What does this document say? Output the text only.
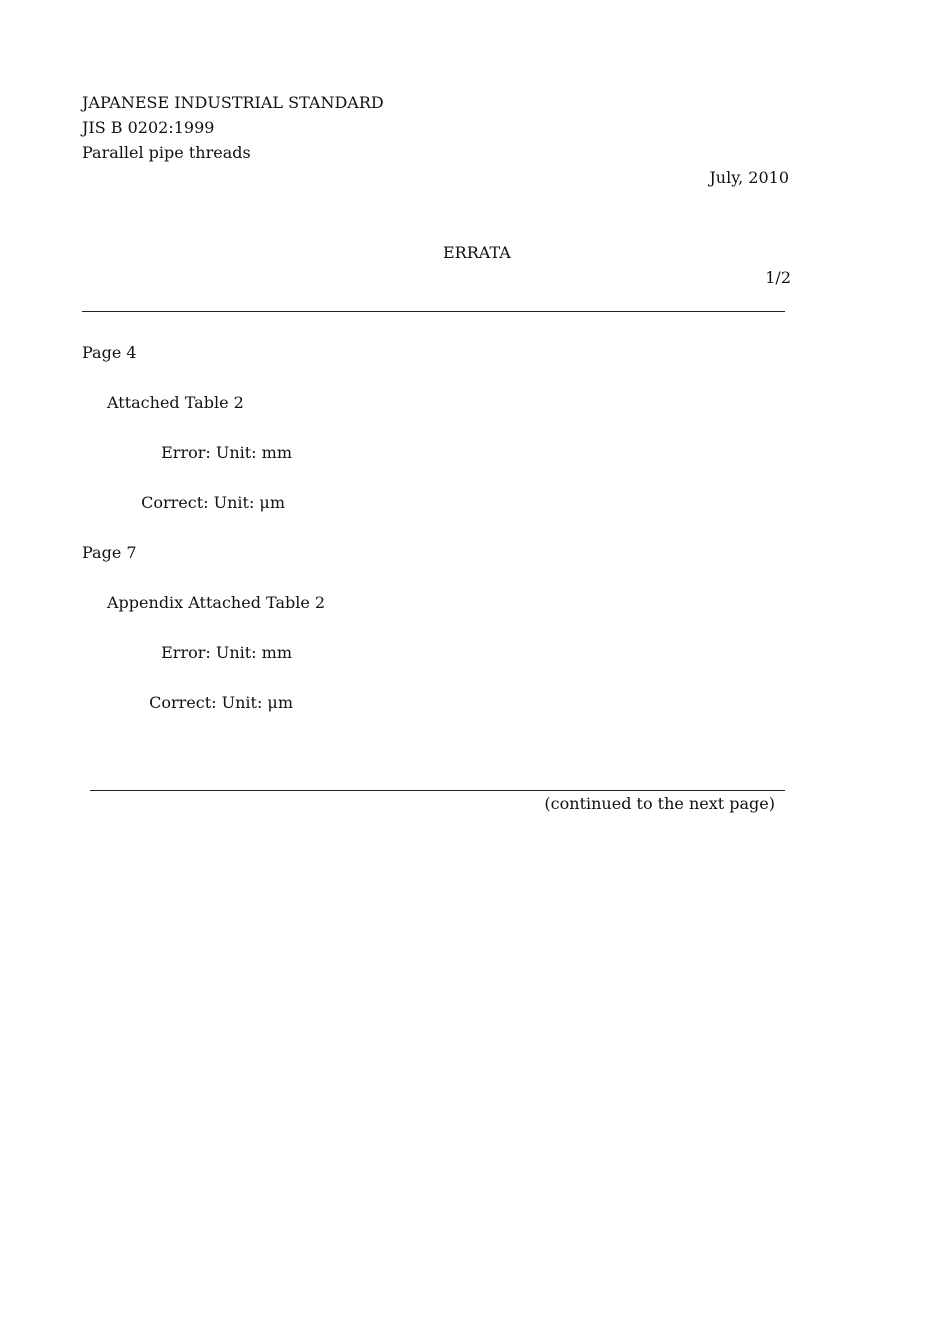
JAPANESE INDUSTRIAL STANDARD
JIS B 0202:1999
Parallel pipe threads
July, 2010
ERRATA
1/2
Page 4
Attached Table 2
Error: Unit: mm
Correct: Unit: μm
Page 7
Appendix Attached Table 2
Error: Unit: mm
Correct: Unit: μm
(continued to the next page)
